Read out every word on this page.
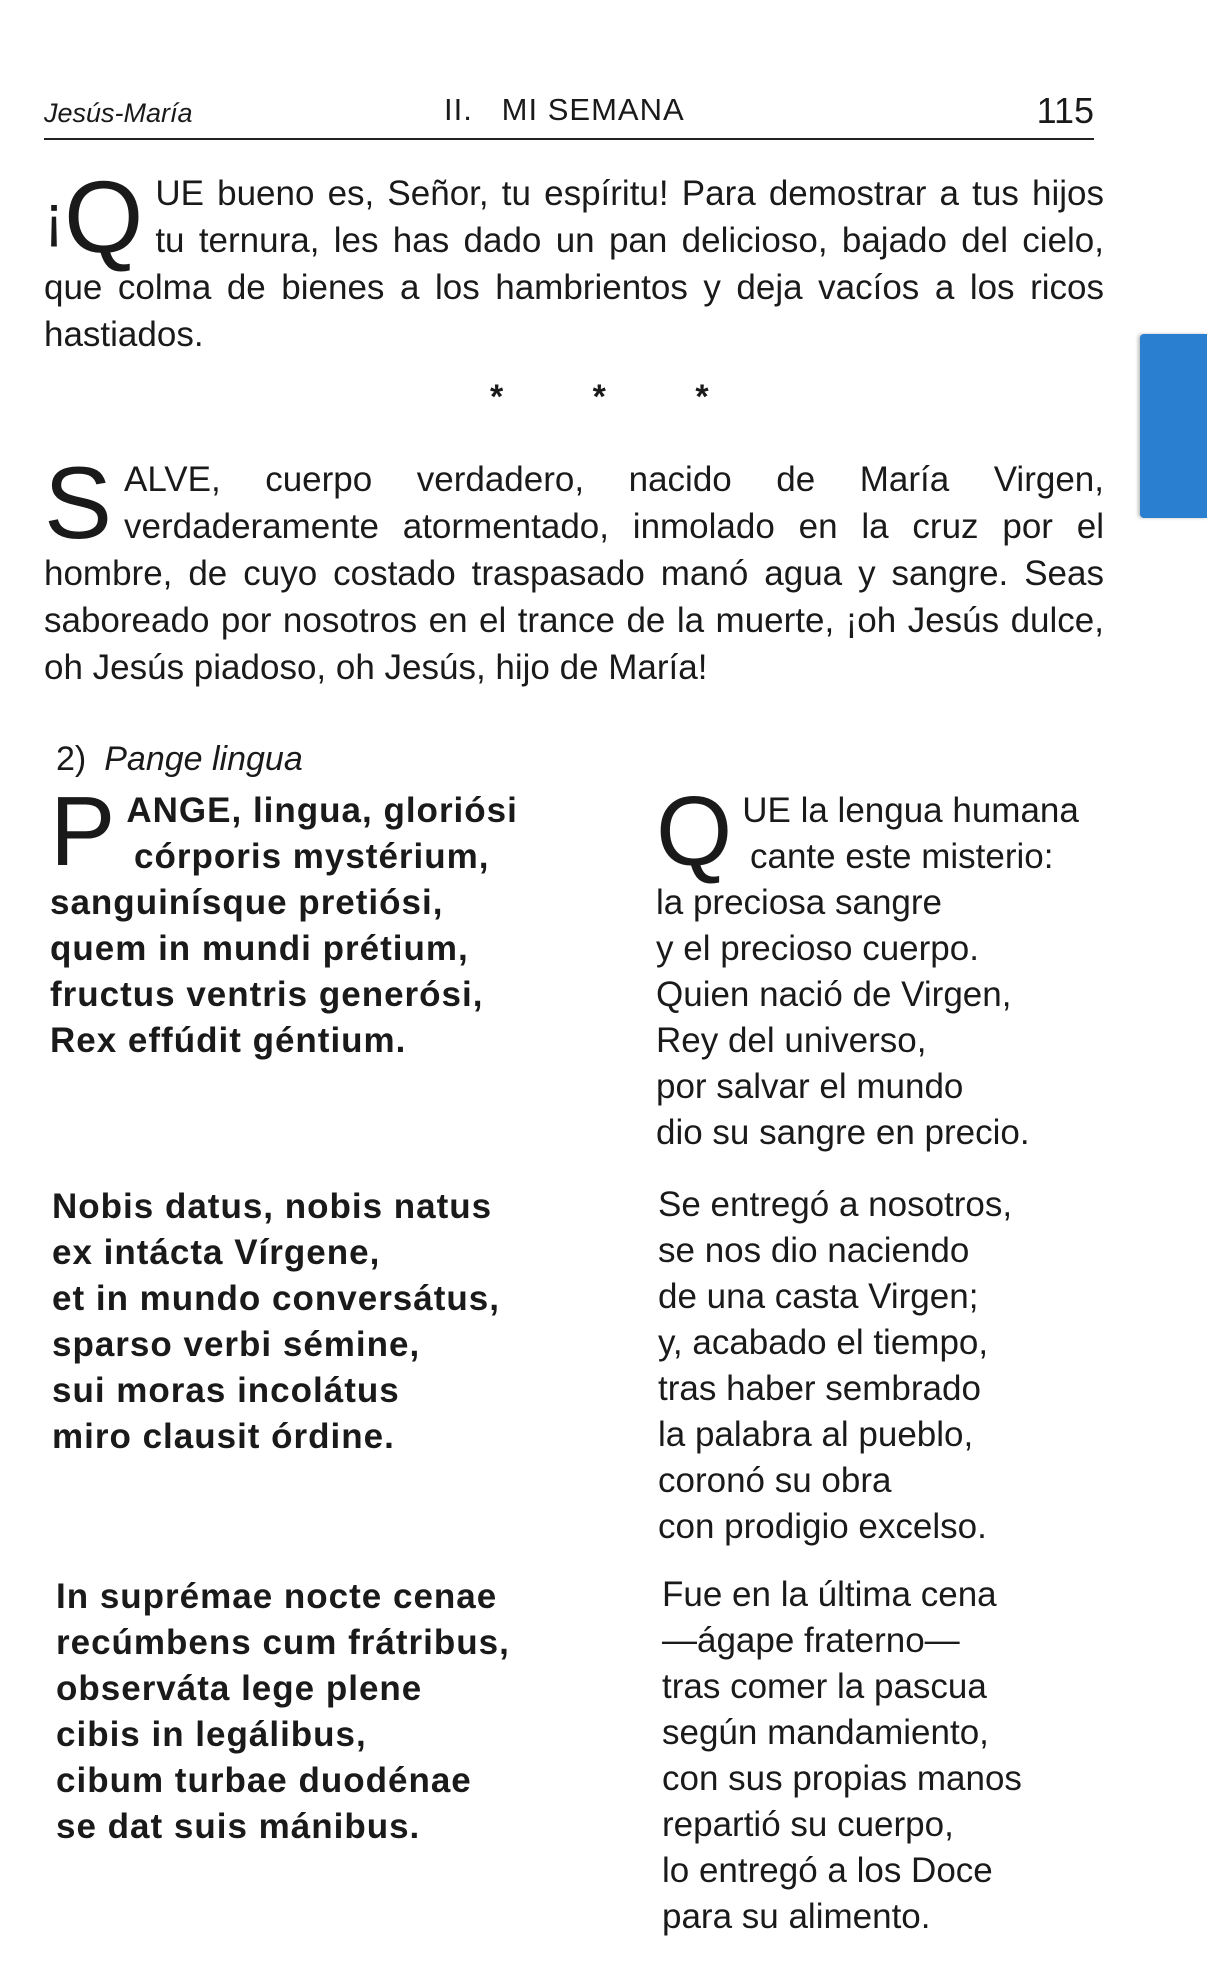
Jesús-María	II.   MI SEMANA	115
¡Q UE bueno es, Señor, tu espíritu! Para demostrar a tus hijos tu ternura, les has dado un pan delicioso, bajado del cielo, que colma de bienes a los hambrientos y deja vacíos a los ricos hastiados.
* * *
SALVE, cuerpo verdadero, nacido de María Virgen, verdaderamente atormentado, inmolado en la cruz por el hombre, de cuyo costado traspasado manó agua y sangre. Seas saboreado por nosotros en el trance de la muerte, ¡oh Jesús dulce, oh Jesús piadoso, oh Jesús, hijo de María!
2) Pange lingua
P ANGE, lingua, gloriósi
córporis mystérium,
sanguinísque pretiósi,
quem in mundi prétium,
fructus ventris generósi,
Rex effúdit géntium.
Q UE la lengua humana
cante este misterio:
la preciosa sangre
y el precioso cuerpo.
Quien nació de Virgen,
Rey del universo,
por salvar el mundo
dio su sangre en precio.
Nobis datus, nobis natus
ex intácta Vírgene,
et in mundo conversátus,
sparso verbi sémine,
sui moras incolátus
miro clausit órdine.
Se entregó a nosotros,
se nos dio naciendo
de una casta Virgen;
y, acabado el tiempo,
tras haber sembrado
la palabra al pueblo,
coronó su obra
con prodigio excelso.
In suprémae nocte cenae
recúmbens cum frátribus,
observáta lege plene
cibis in legálibus,
cibum turbae duodénae
se dat suis mánibus.
Fue en la última cena
—ágape fraterno—
tras comer la pascua
según mandamiento,
con sus propias manos
repartió su cuerpo,
lo entregó a los Doce
para su alimento.
